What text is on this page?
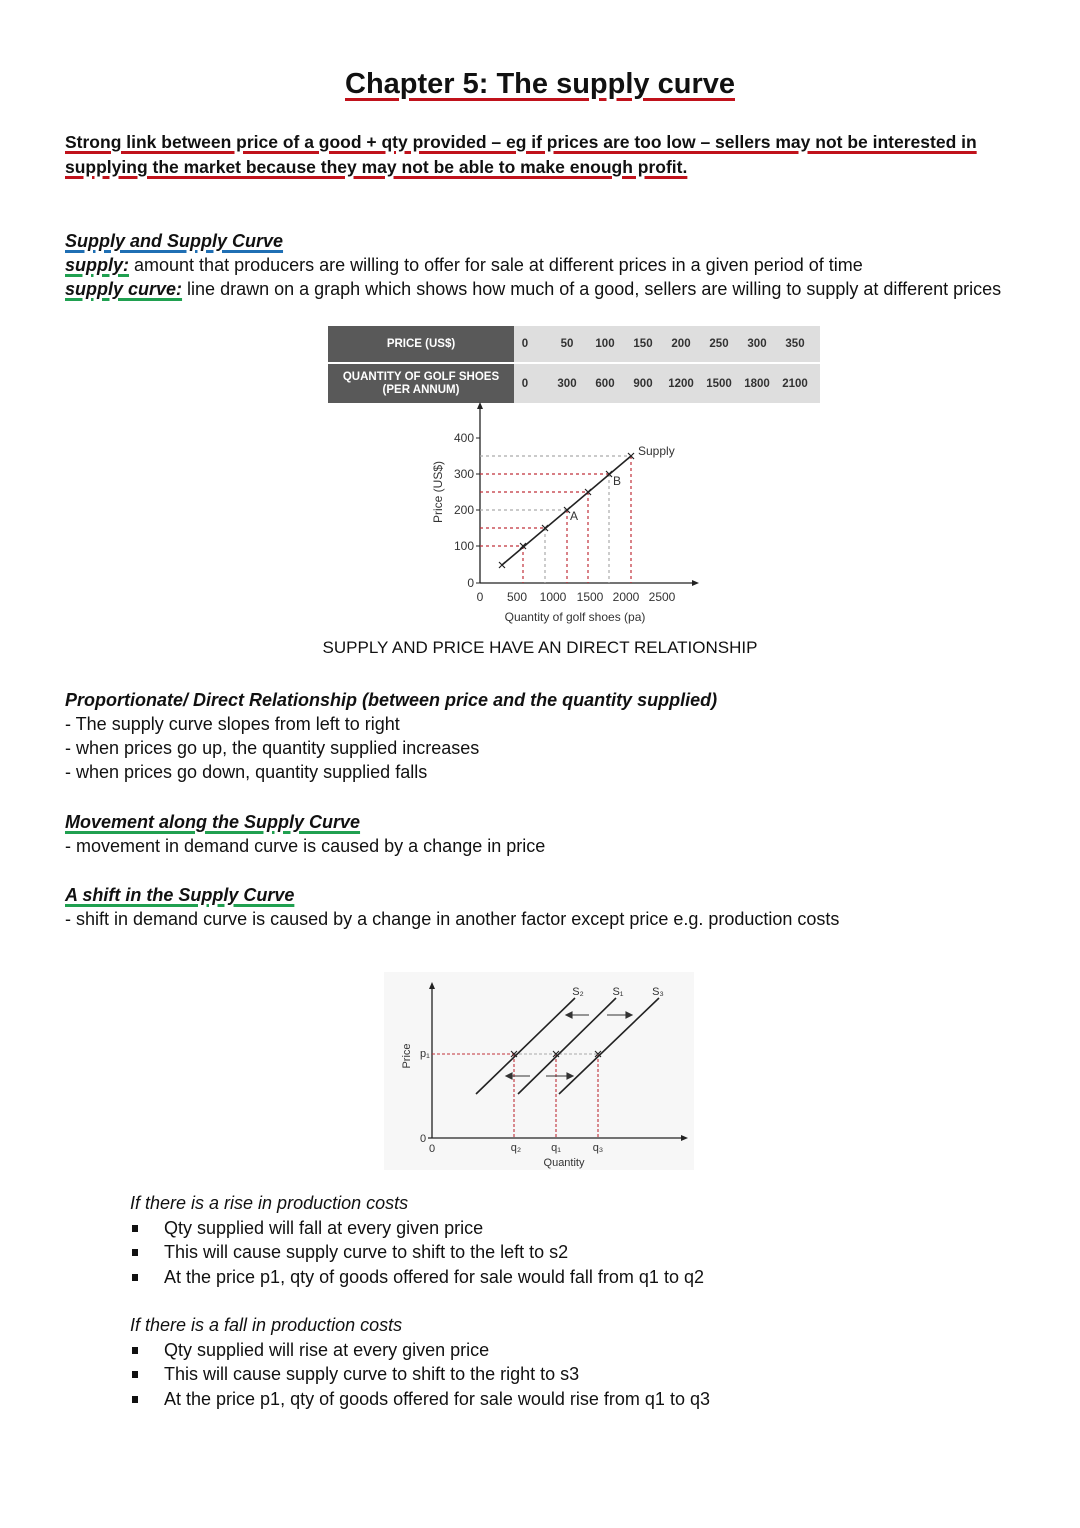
Chapter 5: The supply curve
Strong link between price of a good + qty provided – eg if prices are too low – sellers may not be interested in supplying the market because they may not be able to make enough profit.
Supply and Supply Curve
supply: amount that producers are willing to offer for sale at different prices in a given period of time
supply curve: line drawn on a graph which shows how much of a good, sellers are willing to supply at different prices
PRICE (US$)	0	50	100	150	200	250	300	350
QUANTITY OF GOLF SHOES
(PER ANNUM)	0	300	600	900	1200	1500	1800	2100
400
300
200
100
0
Price (US$)	A
B
Supply
0 500 1000 1500 2000 2500
Quantity of golf shoes (pa)
SUPPLY AND PRICE HAVE AN DIRECT RELATIONSHIP
Proportionate/ Direct Relationship (between price and the quantity supplied)
- The supply curve slopes from left to right
- when prices go up, the quantity supplied increases
- when prices go down, quantity supplied falls
Movement along the Supply Curve
- movement in demand curve is caused by a change in price
A shift in the Supply Curve
- shift in demand curve is caused by a change in another factor except price e.g. production costs
Price p₁
0
0
S₂	S₁	S₃
q₂	q₁	q₃
Quantity
If there is a rise in production costs
Qty supplied will fall at every given price
This will cause supply curve to shift to the left to s2
At the price p1, qty of goods offered for sale would fall from q1 to q2
If there is a fall in production costs
Qty supplied will rise at every given price
This will cause supply curve to shift to the right to s3
At the price p1, qty of goods offered for sale would rise from q1 to q3
